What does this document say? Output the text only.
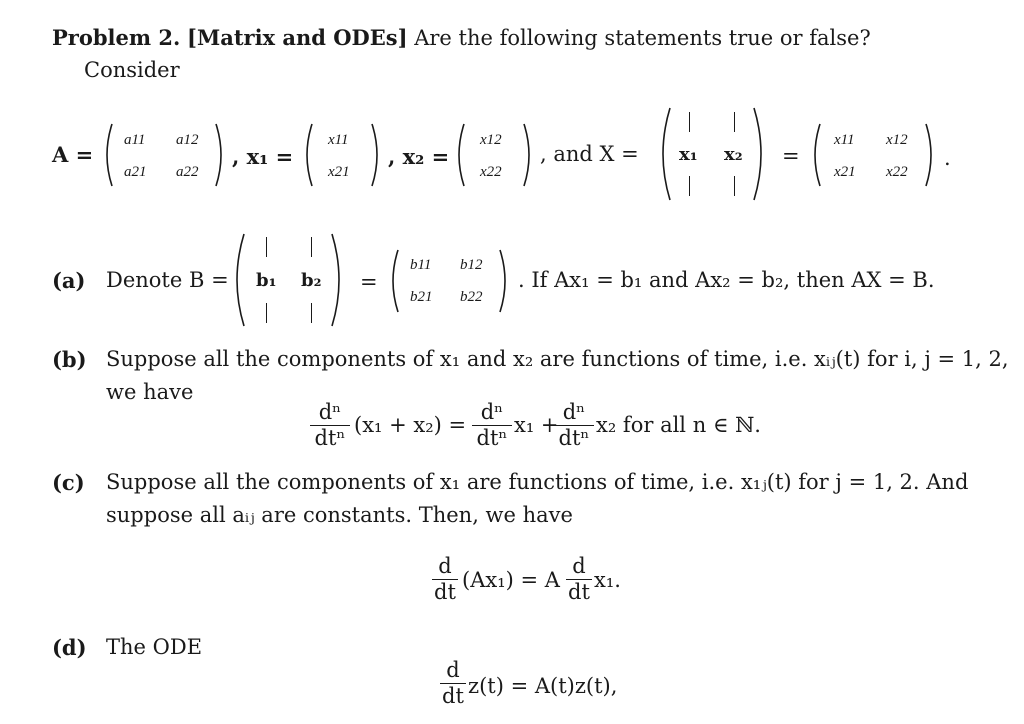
Problem 2. [Matrix and ODEs] Are the following statements true or false?
Consider
A =
a11 a12
a21 a22
, x₁ =
x11
x21
, x₂ =
x12
x22
, and X = x₁ x₂ =
x11 x12
x21 x22
.
(a) Denote B = b₁ b₂ =
b11 b12
b21 b22
. If Ax₁ = b₁ and Ax₂ = b₂, then AX = B.
(b) Suppose all the components of x₁ and x₂ are functions of time, i.e. xᵢⱼ(t) for i, j = 1, 2,
we have
dⁿ
dtⁿ
(x₁ + x₂) =
dⁿ
dtⁿ
x₁ +
dⁿ
dtⁿ
x₂ for all n ∈ ℕ.
(c) Suppose all the components of x₁ are functions of time, i.e. x₁ⱼ(t) for j = 1, 2. And
suppose all aᵢⱼ are constants. Then, we have
d
dt (Ax₁) = A
d
dt x₁.
(d) The ODE
d
dt z(t) = A(t)z(t),
